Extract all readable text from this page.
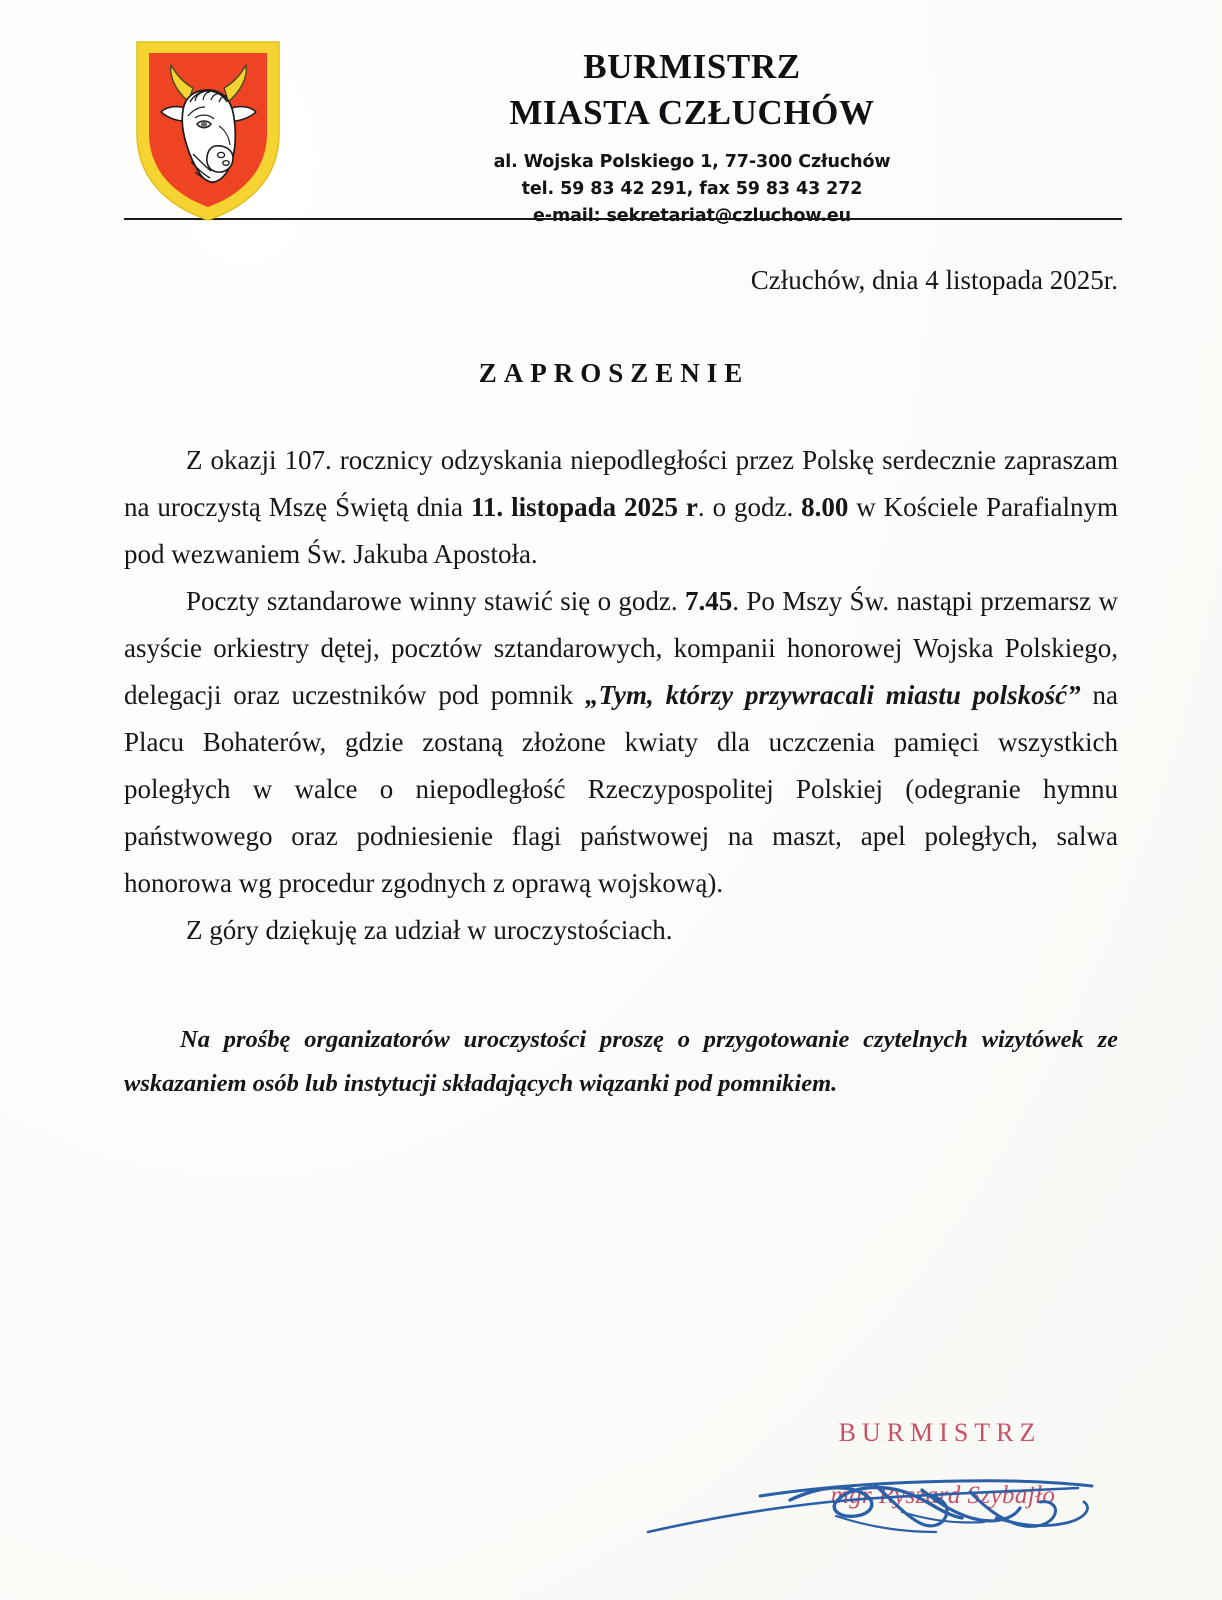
BURMISTRZ
MIASTA CZŁUCHÓW
al. Wojska Polskiego 1, 77-300 Człuchów
tel. 59 83 42 291, fax 59 83 43 272
e-mail: sekretariat@czluchow.eu
Człuchów, dnia 4 listopada 2025r.
ZAPROSZENIE

Z okazji 107. rocznicy odzyskania niepodległości przez Polskę serdecznie zapraszam na uroczystą Mszę Świętą dnia 11. listopada 2025 r. o godz. 8.00 w Kościele Parafialnym pod wezwaniem Św. Jakuba Apostoła.

Poczty sztandarowe winny stawić się o godz. 7.45. Po Mszy Św. nastąpi przemarsz w asyście orkiestry dętej, pocztów sztandarowych, kompanii honorowej Wojska Polskiego, delegacji oraz uczestników pod pomnik „Tym, którzy przywracali miastu polskość” na Placu Bohaterów, gdzie zostaną złożone kwiaty dla uczczenia pamięci wszystkich poległych w walce o niepodległość Rzeczypospolitej Polskiej (odegranie hymnu państwowego oraz podniesienie flagi państwowej na maszt, apel poległych, salwa honorowa wg procedur zgodnych z oprawą wojskową).

Z góry dziękuję za udział w uroczystościach.

Na prośbę organizatorów uroczystości proszę o przygotowanie czytelnych wizytówek ze wskazaniem osób lub instytucji składających wiązanki pod pomnikiem.

BURMISTRZ
mgr Ryszard Szybajło
